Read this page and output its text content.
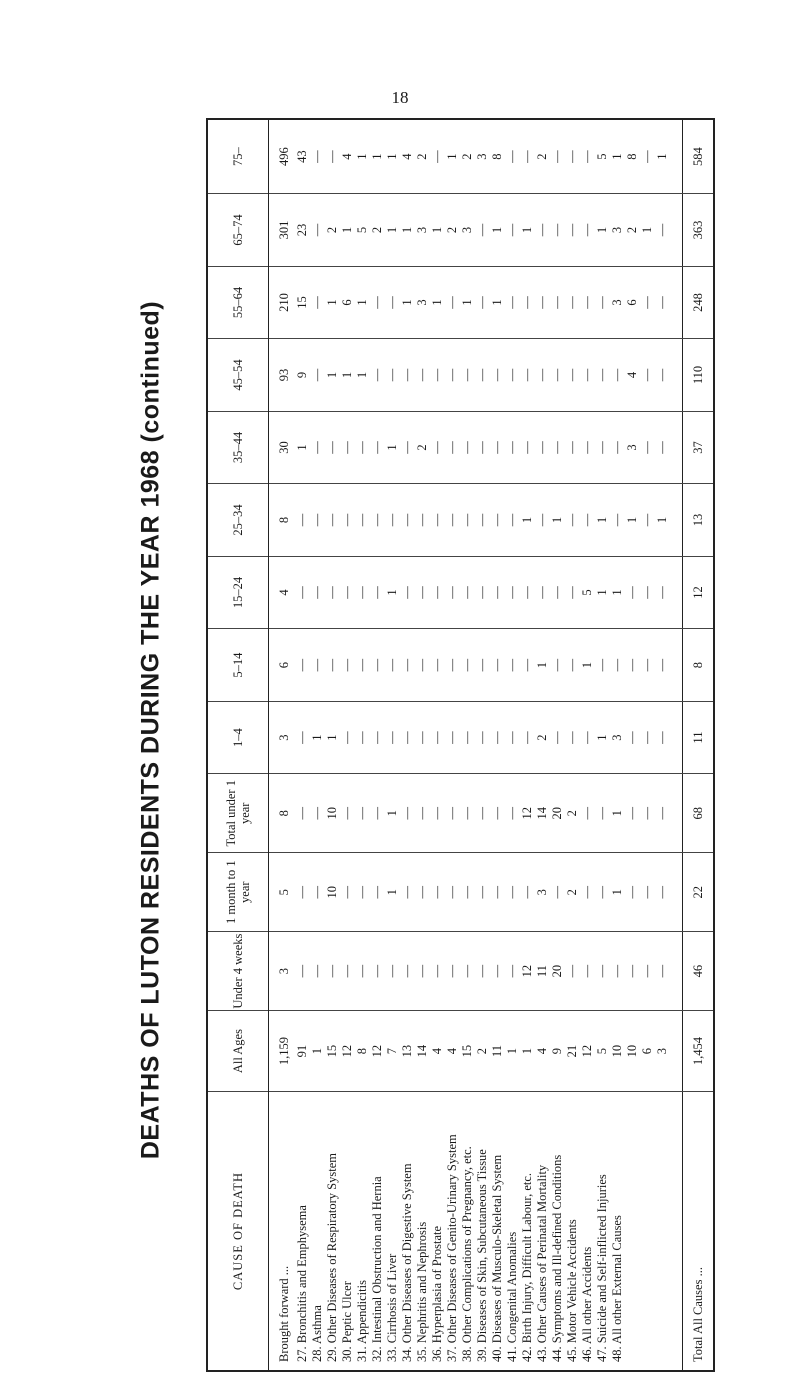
18
DEATHS OF LUTON RESIDENTS DURING THE YEAR 1968 (continued)
CAUSE OF DEATH	All Ages	Under 4 weeks	1 month to 1 year	Total under 1 year	1–4	5–14	15–24	25–34	35–44	45–54	55–64	65–74	75–
Brought forward ...	1,159	3	5	8	3	6	4	8	30	93	210	301	496
27. Bronchitis and Emphysema	91	—	—	—	—	—	—	—	1	9	15	23	43
28. Asthma	1	—	—	—	1	—	—	—	—	—	—	—	—
29. Other Diseases of Respiratory System	15	—	10	10	1	—	—	—	—	1	1	2	—
30. Peptic Ulcer	12	—	—	—	—	—	—	—	—	1	6	1	4
31. Appendicitis	8	—	—	—	—	—	—	—	—	1	1	5	1
32. Intestinal Obstruction and Hernia	12	—	—	—	—	—	—	—	—	—	—	2	1
33. Cirrhosis of Liver	7	—	1	1	—	—	1	—	1	—	—	1	1
34. Other Diseases of Digestive System	13	—	—	—	—	—	—	—	—	—	1	1	4
35. Nephritis and Nephrosis	14	—	—	—	—	—	—	—	2	—	3	3	2
36. Hyperplasia of Prostate	4	—	—	—	—	—	—	—	—	—	1	1	—
37. Other Diseases of Genito-Urinary System	4	—	—	—	—	—	—	—	—	—	—	2	1
38. Other Complications of Pregnancy, etc.	15	—	—	—	—	—	—	—	—	—	1	3	2
39. Diseases of Skin, Subcutaneous Tissue	2	—	—	—	—	—	—	—	—	—	—	—	3
40. Diseases of Musculo-Skeletal System	11	—	—	—	—	—	—	—	—	—	1	1	8
41. Congenital Anomalies	1	—	—	—	—	—	—	—	—	—	—	—	—
42. Birth Injury, Difficult Labour, etc.	1	12	—	12	—	—	—	1	—	—	—	1	—
43. Other Causes of Perinatal Mortality	4	11	3	14	2	1	—	—	—	—	—	—	2
44. Symptoms and Ill-defined Conditions	9	20	—	20	—	—	—	1	—	—	—	—	—
45. Motor Vehicle Accidents	21	—	2	2	—	—	—	—	—	—	—	—	—
46. All other Accidents	12	—	—	—	—	1	5	—	—	—	—	—	—
47. Suicide and Self-inflicted Injuries	5	—	—	—	1	—	1	1	—	—	—	1	5
48. All other External Causes	10	—	1	1	3	—	1	—	—	—	3	3	1
	10	—	—	—	—	—	—	1	3	4	6	2	8
	6	—	—	—	—	—	—	—	—	—	—	1	—
	3	—	—	—	—	—	—	1	—	—	—	—	1

Total All Causes ...	1,454	46	22	68	11	8	12	13	37	110	248	363	584
